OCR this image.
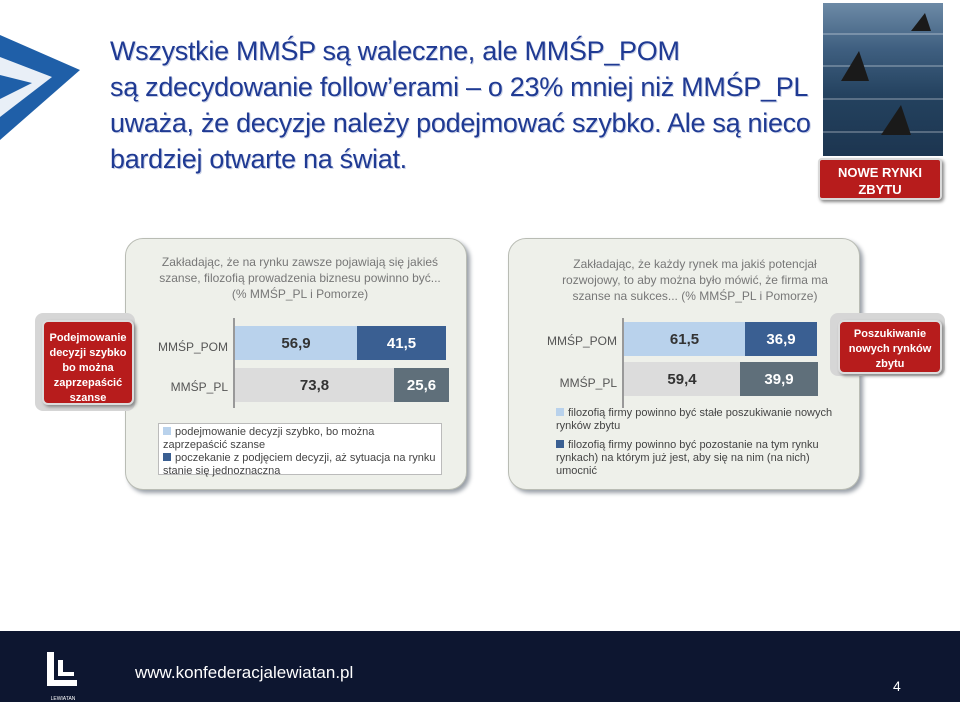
Wszystkie MMŚP są waleczne, ale MMŚP_POM
są zdecydowanie follow’erami – o 23% mniej niż MMŚP_PL
uważa, że decyzje należy podejmować szybko. Ale są nieco
bardziej otwarte na świat.	NOWE RYNKI
ZBYTU
Zakładając, że na rynku zawsze pojawiają się jakieś
szanse, filozofią prowadzenia biznesu powinno być...
(% MMŚP_PL i Pomorze)
Podejmowanie
decyzji szybko
bo można
zaprzepaścić
szanse
MMŚP_POM
MMŚP_PL
56,9	41,5
73,8	25,6
podejmowanie decyzji szybko, bo można zaprzepaścić szanse
poczekanie z podjęciem decyzji, aż sytuacja na rynku stanie się jednoznaczna
Zakładając, że każdy rynek ma jakiś potencjał
rozwojowy, to aby można było mówić, że firma ma
szanse na sukces... (% MMŚP_PL i Pomorze)
Poszukiwanie
nowych rynków
zbytu
MMŚP_POM
MMŚP_PL
61,5	36,9
59,4	39,9
filozofią firmy powinno być stałe poszukiwanie nowych rynków zbytu
filozofią firmy powinno być pozostanie na tym rynku rynkach) na którym już jest, aby się na nim (na nich) umocnić
LEWIATAN
www.konfederacjalewiatan.pl
4
